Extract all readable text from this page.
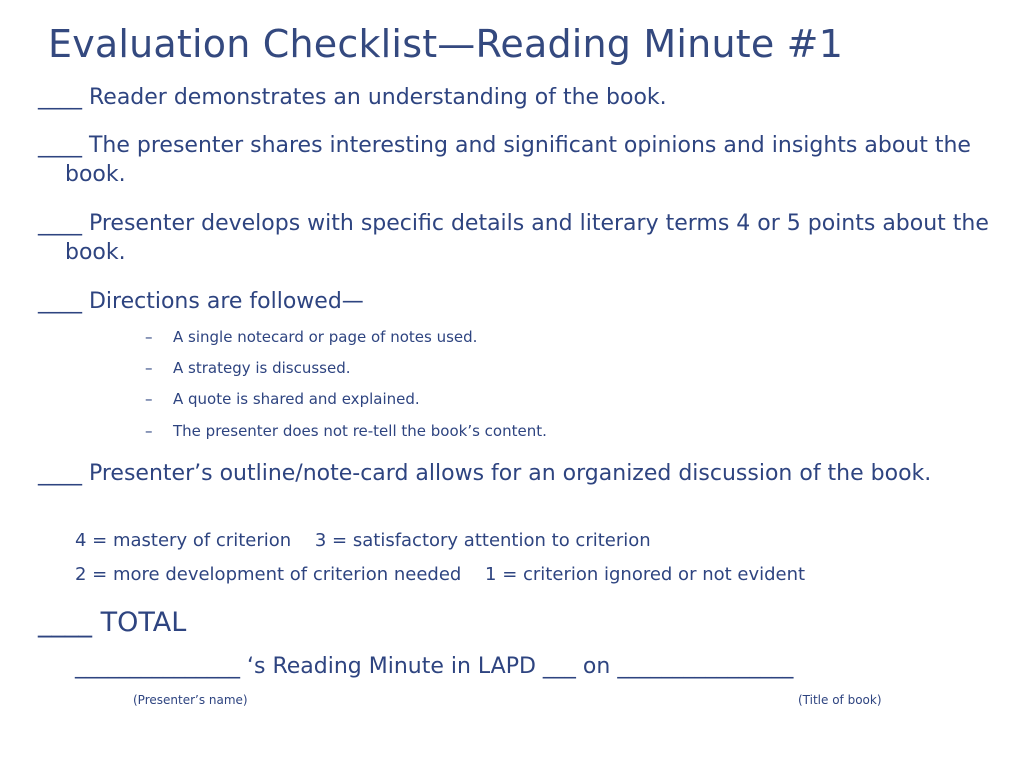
Evaluation Checklist—Reading Minute #1
____ Reader demonstrates an understanding of the book.
____ The presenter shares interesting and significant opinions and insights about the book.
____ Presenter develops with specific details and literary terms 4 or 5 points about the book.
____ Directions are followed—
– A single notecard or page of notes used.
– A strategy is discussed.
– A quote is shared and explained.
– The presenter does not re-tell the book’s content.
____ Presenter’s outline/note-card allows for an organized discussion of the book.
4 = mastery of criterion  3 = satisfactory attention to criterion
2 = more development of criterion needed  1 = criterion ignored or not evident
____ TOTAL
_______________ ‘s Reading Minute in LAPD ___ on ________________
(Presenter’s name)	(Title of book)
